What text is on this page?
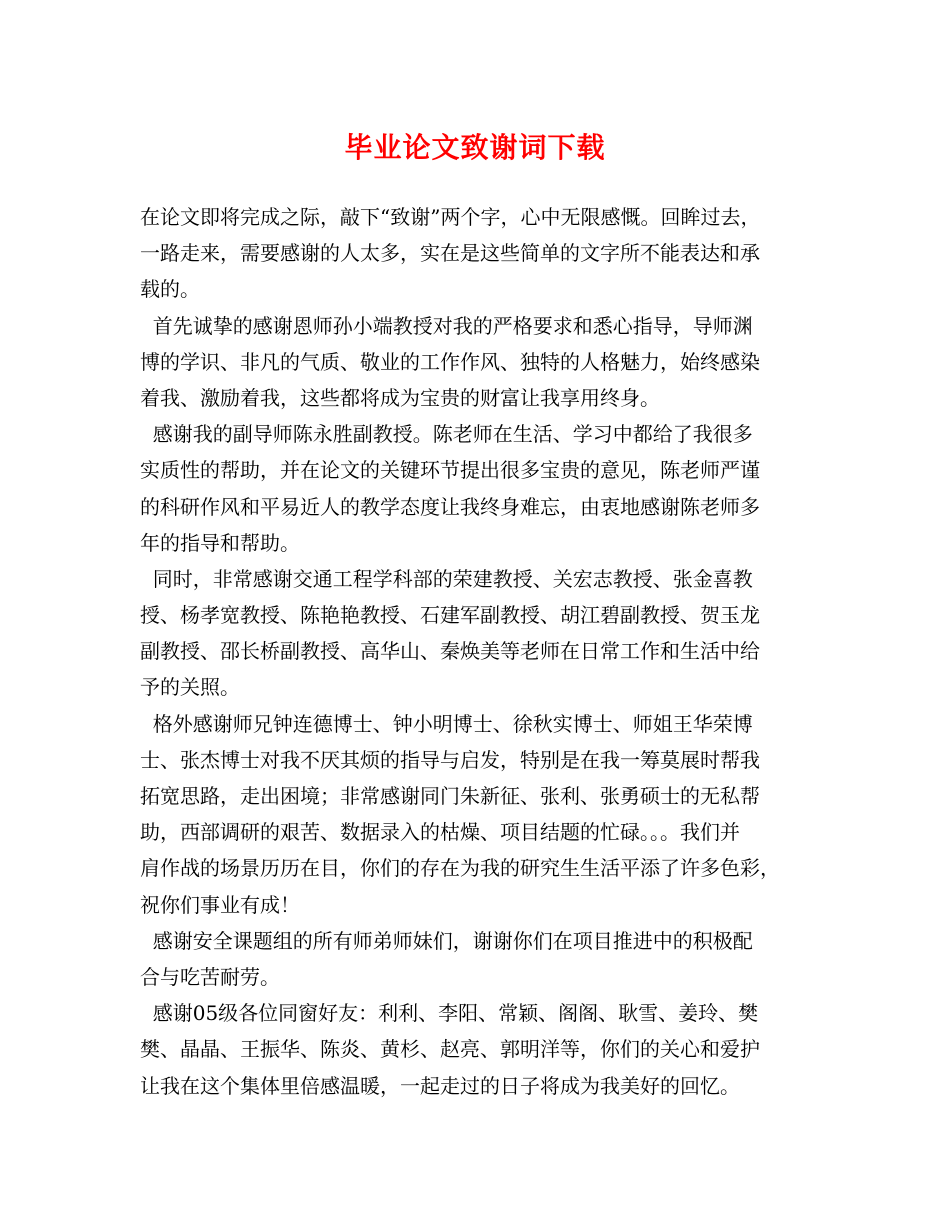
毕业论文致谢词下载
在论文即将完成之际，敲下“致谢”两个字，心中无限感慨。回眸过去，
一路走来，需要感谢的人太多，实在是这些简单的文字所不能表达和承
载的。
首先诚挚的感谢恩师孙小端教授对我的严格要求和悉心指导，导师渊
博的学识、非凡的气质、敬业的工作作风、独特的人格魅力，始终感染
着我、激励着我，这些都将成为宝贵的财富让我享用终身。
感谢我的副导师陈永胜副教授。陈老师在生活、学习中都给了我很多
实质性的帮助，并在论文的关键环节提出很多宝贵的意见，陈老师严谨
的科研作风和平易近人的教学态度让我终身难忘，由衷地感谢陈老师多
年的指导和帮助。
同时，非常感谢交通工程学科部的荣建教授、关宏志教授、张金喜教
授、杨孝宽教授、陈艳艳教授、石建军副教授、胡江碧副教授、贺玉龙
副教授、邵长桥副教授、高华山、秦焕美等老师在日常工作和生活中给
予的关照。
格外感谢师兄钟连德博士、钟小明博士、徐秋实博士、师姐王华荣博
士、张杰博士对我不厌其烦的指导与启发，特别是在我一筹莫展时帮我
拓宽思路，走出困境；非常感谢同门朱新征、张利、张勇硕士的无私帮
助，西部调研的艰苦、数据录入的枯燥、项目结题的忙碌。。。我们并
肩作战的场景历历在目，你们的存在为我的研究生生活平添了许多色彩，
祝你们事业有成！
感谢安全课题组的所有师弟师妹们，谢谢你们在项目推进中的积极配
合与吃苦耐劳。
感谢05级各位同窗好友：利利、李阳、常颖、阁阁、耿雪、姜玲、樊
樊、晶晶、王振华、陈炎、黄杉、赵亮、郭明洋等，你们的关心和爱护
让我在这个集体里倍感温暖，一起走过的日子将成为我美好的回忆。
